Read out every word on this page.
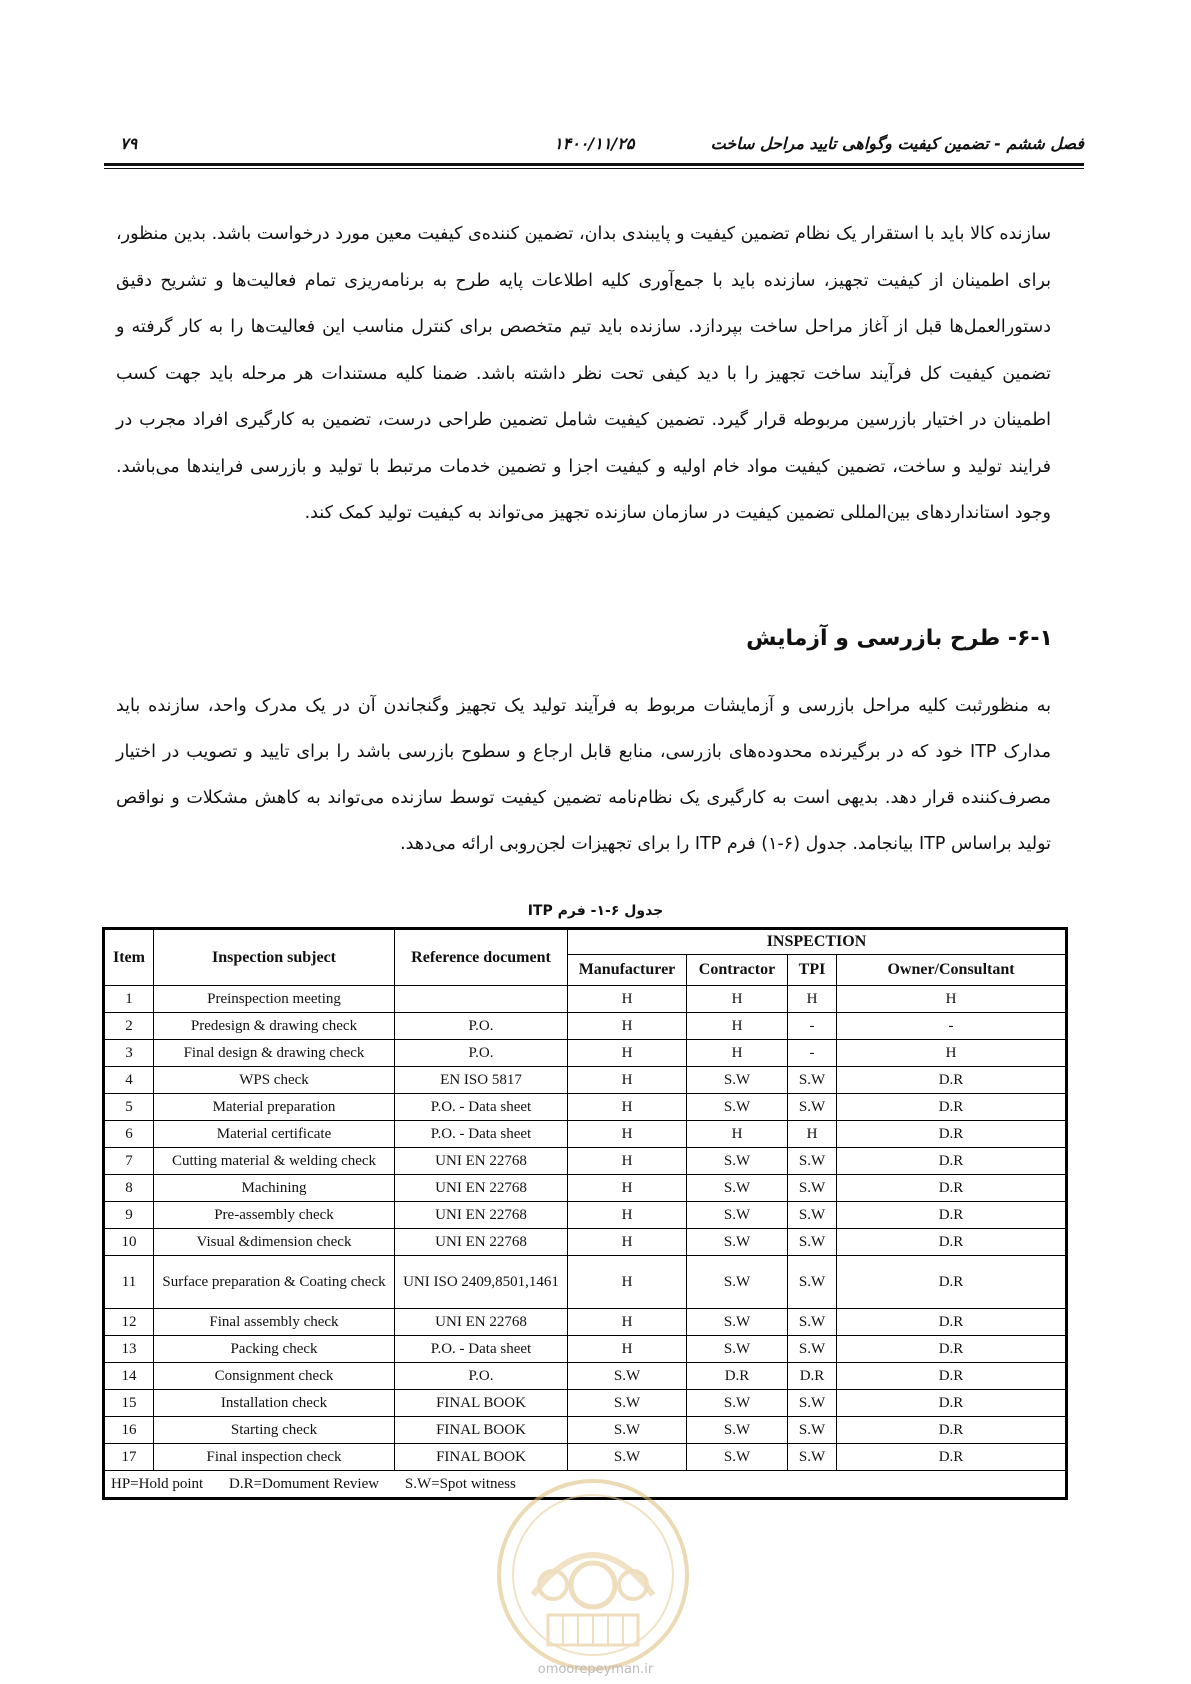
فصل ششم - تضمین کیفیت وگواهی تایید مراحل ساخت
۱۴۰۰/۱۱/۲۵
۷۹
سازنده کالا باید با استقرار یک نظام تضمین کیفیت و پایبندی بدان، تضمین کننده‌ی کیفیت معین مورد درخواست باشد. بدین منظور، برای اطمینان از کیفیت تجهیز، سازنده باید با جمع‌آوری کلیه اطلاعات پایه طرح به برنامه‌ریزی تمام فعالیت‌ها و تشریح دقیق دستورالعمل‌ها قبل از آغاز مراحل ساخت بپردازد. سازنده باید تیم متخصص برای کنترل مناسب این فعالیت‌ها را به کار گرفته و تضمین کیفیت کل فرآیند ساخت تجهیز را با دید کیفی تحت نظر داشته باشد. ضمنا کلیه مستندات هر مرحله باید جهت کسب اطمینان در اختیار بازرسین مربوطه قرار گیرد. تضمین کیفیت شامل تضمین طراحی درست، تضمین به کارگیری افراد مجرب در فرایند تولید و ساخت، تضمین کیفیت مواد خام اولیه و کیفیت اجزا و تضمین خدمات مرتبط با تولید و بازرسی فرایندها می‌باشد. وجود استانداردهای بین‌المللی تضمین کیفیت در سازمان سازنده تجهیز می‌تواند به کیفیت تولید کمک کند.
۶-۱- طرح بازرسی و آزمایش
به منظورثبت کلیه مراحل بازرسی و آزمایشات مربوط به فرآیند تولید یک تجهیز وگنجاندن آن در یک مدرک واحد، سازنده باید مدارک ITP خود که در برگیرنده محدوده‌های بازرسی، منابع قابل ارجاع و سطوح بازرسی باشد را برای تایید و تصویب در اختیار مصرف‌کننده قرار دهد. بدیهی است به کارگیری یک نظام‌نامه تضمین کیفیت توسط سازنده می‌تواند به کاهش مشکلات و نواقص تولید براساس ITP بیانجامد. جدول (۶-۱) فرم ITP را برای تجهیزات لجن‌روبی ارائه می‌دهد.
جدول ۶-۱- فرم ITP
Item	Inspection subject	Reference document	INSPECTION			
			Manufacturer	Contractor	TPI	Owner/Consultant
1	Preinspection meeting		H	H	H	H
2	Predesign & drawing check	P.O.	H	H	-	-
3	Final design & drawing check	P.O.	H	H	-	H
4	WPS check	EN ISO 5817	H	S.W	S.W	D.R
5	Material preparation	P.O. - Data sheet	H	S.W	S.W	D.R
6	Material certificate	P.O. - Data sheet	H	H	H	D.R
7	Cutting material & welding check	UNI EN 22768	H	S.W	S.W	D.R
8	Machining	UNI EN 22768	H	S.W	S.W	D.R
9	Pre-assembly check	UNI EN 22768	H	S.W	S.W	D.R
10	Visual &dimension check	UNI EN 22768	H	S.W	S.W	D.R
11	Surface preparation & Coating check	UNI ISO 2409,8501,1461	H	S.W	S.W	D.R
12	Final assembly check	UNI EN 22768	H	S.W	S.W	D.R
13	Packing check	P.O. - Data sheet	H	S.W	S.W	D.R
14	Consignment check	P.O.	S.W	D.R	D.R	D.R
15	Installation check	FINAL BOOK	S.W	S.W	S.W	D.R
16	Starting check	FINAL BOOK	S.W	S.W	S.W	D.R
17	Final inspection check	FINAL BOOK	S.W	S.W	S.W	D.R
HP=Hold point D.R=Domument Review S.W=Spot witness						
omoorepeyman.ir
